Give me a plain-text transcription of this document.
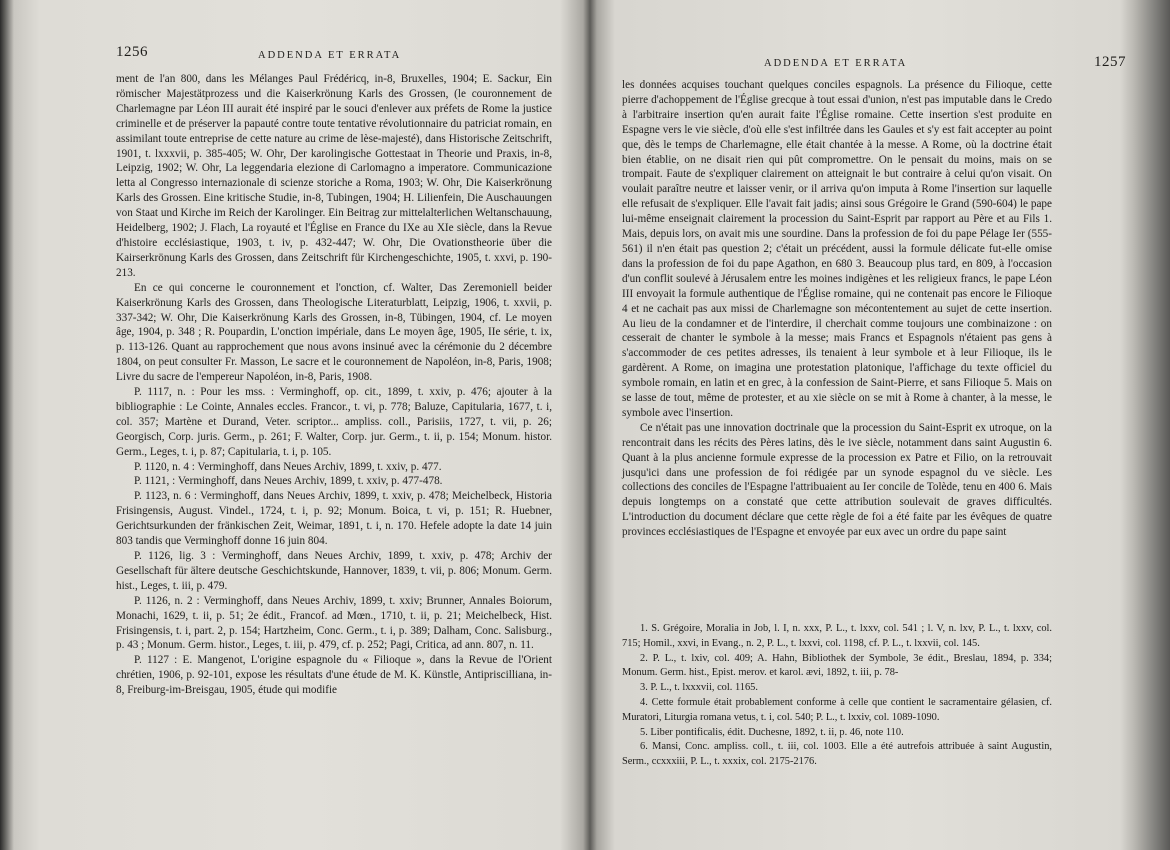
1256	ADDENDA ET ERRATA

ment de l'an 800, dans les Mélanges Paul Frédéricq, in-8, Bruxelles, 1904; E. Sackur, Ein römischer Majestätprozess und die Kaiserkrönung Karls des Grossen, (le couronnement de Charlemagne par Léon III aurait été inspiré par le souci d'enlever aux préfets de Rome la justice criminelle et de préserver la papauté contre toute tentative révolutionnaire du patriciat romain, en assimilant toute entreprise de cette nature au crime de lèse-majesté), dans Historische Zeitschrift, 1901, t. lxxxvii, p. 385-405; W. Ohr, Der karolingische Gottestaat in Theorie und Praxis, in-8, Leipzig, 1902; W. Ohr, La leggendaria elezione di Carlomagno a imperatore. Communicazione letta al Congresso internazionale di scienze storiche a Roma, 1903; W. Ohr, Die Kaiserkrönung Karls des Grossen. Eine kritische Studie, in-8, Tubingen, 1904; H. Lilienfein, Die Auschauungen von Staat und Kirche im Reich der Karolinger. Ein Beitrag zur mittelalterlichen Weltanschauung, Heidelberg, 1902; J. Flach, La royauté et l'Église en France du IXe au XIe siècle, dans la Revue d'histoire ecclésiastique, 1903, t. iv, p. 432-447; W. Ohr, Die Ovationstheorie über die Kairserkrönung Karls des Grossen, dans Zeitschrift für Kirchengeschichte, 1905, t. xxvi, p. 190-213.

En ce qui concerne le couronnement et l'onction, cf. Walter, Das Zeremoniell beider Kaiserkrönung Karls des Grossen, dans Theologische Literaturblatt, Leipzig, 1906, t. xxvii, p. 337-342; W. Ohr, Die Kaiserkrönung Karls des Grossen, in-8, Tübingen, 1904, cf. Le moyen âge, 1904, p. 348 ; R. Poupardin, L'onction impériale, dans Le moyen âge, 1905, IIe série, t. ix, p. 113-126. Quant au rapprochement que nous avons insinué avec la cérémonie du 2 décembre 1804, on peut consulter Fr. Masson, Le sacre et le couronnement de Napoléon, in-8, Paris, 1908; Livre du sacre de l'empereur Napoléon, in-8, Paris, 1908.

P. 1117, n. : Pour les mss. : Verminghoff, op. cit., 1899, t. xxiv, p. 476; ajouter à la bibliographie : Le Cointe, Annales eccles. Francor., t. vi, p. 778; Baluze, Capitularia, 1677, t. i, col. 357; Martène et Durand, Veter. scriptor... ampliss. coll., Parisiis, 1727, t. vii, p. 26; Georgisch, Corp. juris. Germ., p. 261; F. Walter, Corp. jur. Germ., t. ii, p. 154; Monum. histor. Germ., Leges, t. i, p. 87; Capitularia, t. i, p. 105.

P. 1120, n. 4 : Verminghoff, dans Neues Archiv, 1899, t. xxiv, p. 477.

P. 1121, : Verminghoff, dans Neues Archiv, 1899, t. xxiv, p. 477-478.

P. 1123, n. 6 : Verminghoff, dans Neues Archiv, 1899, t. xxiv, p. 478; Meichelbeck, Historia Frisingensis, August. Vindel., 1724, t. i, p. 92; Monum. Boica, t. vi, p. 151; R. Huebner, Gerichtsurkunden der fränkischen Zeit, Weimar, 1891, t. i, n. 170. Hefele adopte la date 14 juin 803 tandis que Verminghoff donne 16 juin 804.

P. 1126, lig. 3 : Verminghoff, dans Neues Archiv, 1899, t. xxiv, p. 478; Archiv der Gesellschaft für ältere deutsche Geschichtskunde, Hannover, 1839, t. vii, p. 806; Monum. Germ. hist., Leges, t. iii, p. 479.

P. 1126, n. 2 : Verminghoff, dans Neues Archiv, 1899, t. xxiv; Brunner, Annales Boiorum, Monachi, 1629, t. ii, p. 51; 2e édit., Francof. ad Mœn., 1710, t. ii, p. 21; Meichelbeck, Hist. Frisingensis, t. i, part. 2, p. 154; Hartzheim, Conc. Germ., t. i, p. 389; Dalham, Conc. Salisburg., p. 43 ; Monum. Germ. histor., Leges, t. iii, p. 479, cf. p. 252; Pagi, Critica, ad ann. 807, n. 11.

P. 1127 : E. Mangenot, L'origine espagnole du « Filioque », dans la Revue de l'Orient chrétien, 1906, p. 92-101, expose les résultats d'une étude de M. K. Künstle, Antipriscilliana, in-8, Freiburg-im-Breisgau, 1905, étude qui modifie

ADDENDA ET ERRATA	1257

les données acquises touchant quelques conciles espagnols. La présence du Filioque, cette pierre d'achoppement de l'Église grecque à tout essai d'union, n'est pas imputable dans le Credo à l'arbitraire insertion qu'en aurait faite l'Église romaine. Cette insertion s'est produite en Espagne vers le vie siècle, d'où elle s'est infiltrée dans les Gaules et s'y est fait accepter au point que, dès le temps de Charlemagne, elle était chantée à la messe. A Rome, où la doctrine était bien établie, on ne disait rien qui pût compromettre. On le pensait du moins, mais on se trompait. Faute de s'expliquer clairement on atteignait le but contraire à celui qu'on visait. On voulait paraître neutre et laisser venir, or il arriva qu'on imputa à Rome l'insertion sur laquelle elle refusait de s'expliquer. Elle l'avait fait jadis; ainsi sous Grégoire le Grand (590-604) le pape lui-même enseignait clairement la procession du Saint-Esprit par rapport au Père et au Fils 1. Mais, depuis lors, on avait mis une sourdine. Dans la profession de foi du pape Pélage Ier (555-561) il n'en était pas question 2; c'était un précédent, aussi la formule délicate fut-elle omise dans la profession de foi du pape Agathon, en 680 3. Beaucoup plus tard, en 809, à l'occasion d'un conflit soulevé à Jérusalem entre les moines indigènes et les religieux francs, le pape Léon III envoyait la formule authentique de l'Église romaine, qui ne contenait pas encore le Filioque 4 et ne cachait pas aux missi de Charlemagne son mécontentement au sujet de cette insertion. Au lieu de la condamner et de l'interdire, il cherchait comme toujours une combinaizone : on cesserait de chanter le symbole à la messe; mais Francs et Espagnols n'étaient pas gens à s'accommoder de ces petites adresses, ils tenaient à leur symbole et à leur Filioque, ils le gardèrent. A Rome, on imagina une protestation platonique, l'affichage du texte officiel du symbole romain, en latin et en grec, à la confession de Saint-Pierre, et sans Filioque 5. Mais on se lasse de tout, même de protester, et au xie siècle on se mit à Rome à chanter, à la messe, le symbole avec l'insertion.

Ce n'était pas une innovation doctrinale que la procession du Saint-Esprit ex utroque, on la rencontrait dans les récits des Pères latins, dès le ive siècle, notamment dans saint Augustin 6. Quant à la plus ancienne formule expresse de la procession ex Patre et Filio, on la retrouvait jusqu'ici dans une profession de foi rédigée par un synode espagnol du ve siècle. Les collections des conciles de l'Espagne l'attribuaient au Ier concile de Tolède, tenu en 400 6. Mais depuis longtemps on a constaté que cette attribution soulevait de graves difficultés. L'introduction du document déclare que cette règle de foi a été faite par les évêques de quatre provinces ecclésiastiques de l'Espagne et envoyée par eux avec un ordre du pape saint

1. S. Grégoire, Moralia in Job, l. I, n. xxx, P. L., t. lxxv, col. 541 ; l. V, n. lxv, P. L., t. lxxv, col. 715; Homil., xxvi, in Evang., n. 2, P. L., t. lxxvi, col. 1198, cf. P. L., t. lxxvii, col. 145.

2. P. L., t. lxiv, col. 409; A. Hahn, Bibliothek der Symbole, 3e édit., Breslau, 1894, p. 334; Monum. Germ. hist., Epist. merov. et karol. ævi, 1892, t. iii, p. 78-

3. P. L., t. lxxxvii, col. 1165.

4. Cette formule était probablement conforme à celle que contient le sacramentaire gélasien, cf. Muratori, Liturgia romana vetus, t. i, col. 540; P. L., t. lxxiv, col. 1089-1090.

5. Liber pontificalis, édit. Duchesne, 1892, t. ii, p. 46, note 110.

6. Mansi, Conc. ampliss. coll., t. iii, col. 1003. Elle a été autrefois attribuée à saint Augustin, Serm., ccxxxiii, P. L., t. xxxix, col. 2175-2176.
